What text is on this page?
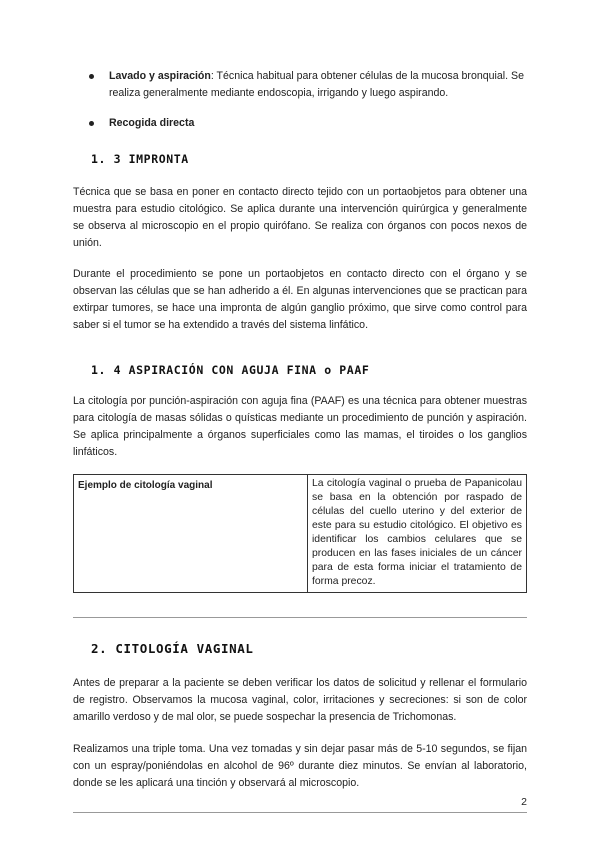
Lavado y aspiración: Técnica habitual para obtener células de la mucosa bronquial. Se realiza generalmente mediante endoscopia, irrigando y luego aspirando.
Recogida directa
1. 3 IMPRONTA

Técnica que se basa en poner en contacto directo tejido con un portaobjetos para obtener una muestra para estudio citológico. Se aplica durante una intervención quirúrgica y generalmente se observa al microscopio en el propio quirófano. Se realiza con órganos con pocos nexos de unión.

Durante el procedimiento se pone un portaobjetos en contacto directo con el órgano y se observan las células que se han adherido a él. En algunas intervenciones que se practican para extirpar tumores, se hace una impronta de algún ganglio próximo, que sirve como control para saber si el tumor se ha extendido a través del sistema linfático.

1. 4 ASPIRACIÓN CON AGUJA FINA o PAAF

La citología por punción-aspiración con aguja fina (PAAF) es una técnica para obtener muestras para citología de masas sólidas o quísticas mediante un procedimiento de punción y aspiración. Se aplica principalmente a órganos superficiales como las mamas, el tiroides o los ganglios linfáticos.

Ejemplo de citología vaginal	La citología vaginal o prueba de Papanicolau se basa en la obtención por raspado de células del cuello uterino y del exterior de este para su estudio citológico. El objetivo es identificar los cambios celulares que se producen en las fases iniciales de un cáncer para de esta forma iniciar el tratamiento de forma precoz.
2. CITOLOGÍA VAGINAL

Antes de preparar a la paciente se deben verificar los datos de solicitud y rellenar el formulario de registro. Observamos la mucosa vaginal, color, irritaciones y secreciones: si son de color amarillo verdoso y de mal olor, se puede sospechar la presencia de Trichomonas.

Realizamos una triple toma. Una vez tomadas y sin dejar pasar más de 5-10 segundos, se fijan con un espray/poniéndolas en alcohol de 96º durante diez minutos. Se envían al laboratorio, donde se les aplicará una tinción y observará al microscopio.

2
